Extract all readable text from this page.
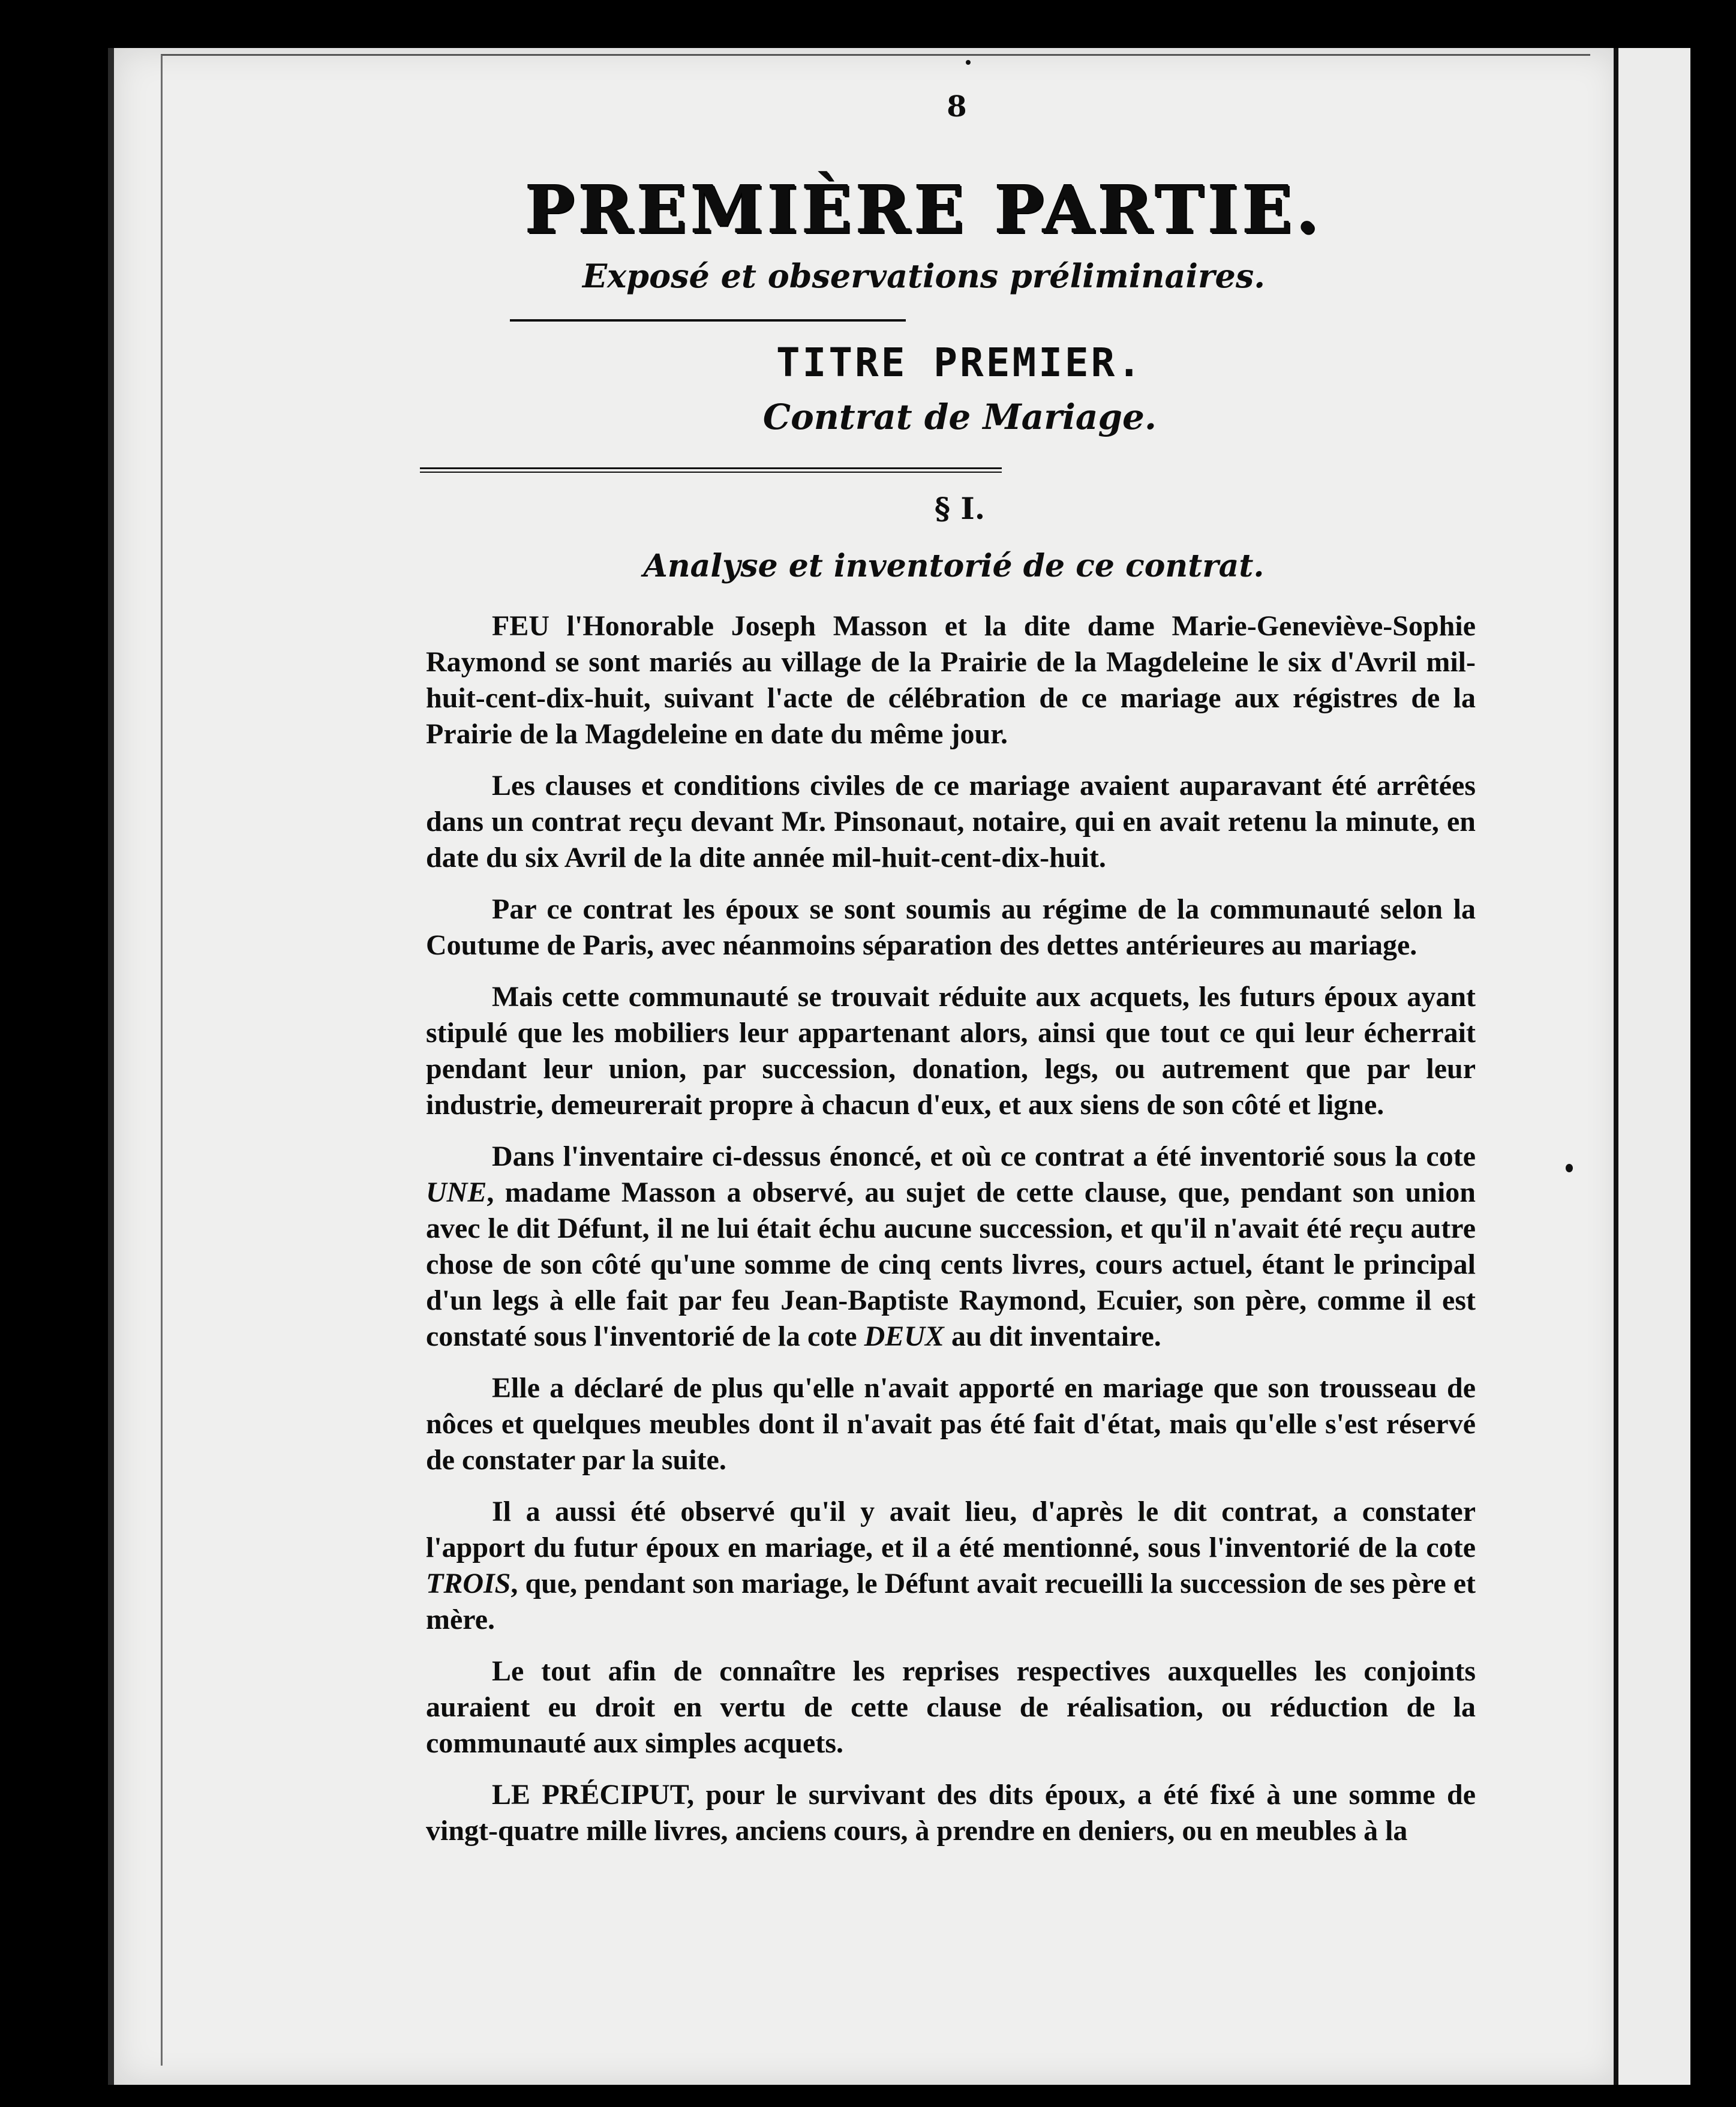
8
PREMIÈRE PARTIE.
Exposé et observations préliminaires.
TITRE PREMIER.
Contrat de Mariage.
§ I.
Analyse et inventorié de ce contrat.

FEU l'Honorable Joseph Masson et la dite dame Marie-Geneviève-Sophie Raymond se sont mariés au village de la Prairie de la Magdeleine le six d'Avril mil-huit-cent-dix-huit, suivant l'acte de célébration de ce mariage aux régistres de la Prairie de la Magdeleine en date du même jour.

Les clauses et conditions civiles de ce mariage avaient auparavant été arrêtées dans un contrat reçu devant Mr. Pinsonaut, notaire, qui en avait retenu la minute, en date du six Avril de la dite année mil-huit-cent-dix-huit.

Par ce contrat les époux se sont soumis au régime de la communauté selon la Coutume de Paris, avec néanmoins séparation des dettes antérieures au mariage.

Mais cette communauté se trouvait réduite aux acquets, les futurs époux ayant stipulé que les mobiliers leur appartenant alors, ainsi que tout ce qui leur écherrait pendant leur union, par succession, donation, legs, ou autrement que par leur industrie, demeurerait propre à chacun d'eux, et aux siens de son côté et ligne.

Dans l'inventaire ci-dessus énoncé, et où ce contrat a été inventorié sous la cote UNE, madame Masson a observé, au sujet de cette clause, que, pendant son union avec le dit Défunt, il ne lui était échu aucune succession, et qu'il n'avait été reçu autre chose de son côté qu'une somme de cinq cents livres, cours actuel, étant le principal d'un legs à elle fait par feu Jean-Baptiste Raymond, Ecuier, son père, comme il est constaté sous l'inventorié de la cote DEUX au dit inventaire.

Elle a déclaré de plus qu'elle n'avait apporté en mariage que son trousseau de nôces et quelques meubles dont il n'avait pas été fait d'état, mais qu'elle s'est réservé de constater par la suite.

Il a aussi été observé qu'il y avait lieu, d'après le dit contrat, a constater l'apport du futur époux en mariage, et il a été mentionné, sous l'inventorié de la cote TROIS, que, pendant son mariage, le Défunt avait recueilli la succession de ses père et mère.

Le tout afin de connaître les reprises respectives auxquelles les conjoints auraient eu droit en vertu de cette clause de réalisation, ou réduction de la communauté aux simples acquets.

LE PRÉCIPUT, pour le survivant des dits époux, a été fixé à une somme de vingt-quatre mille livres, anciens cours, à prendre en deniers, ou en meubles à la
